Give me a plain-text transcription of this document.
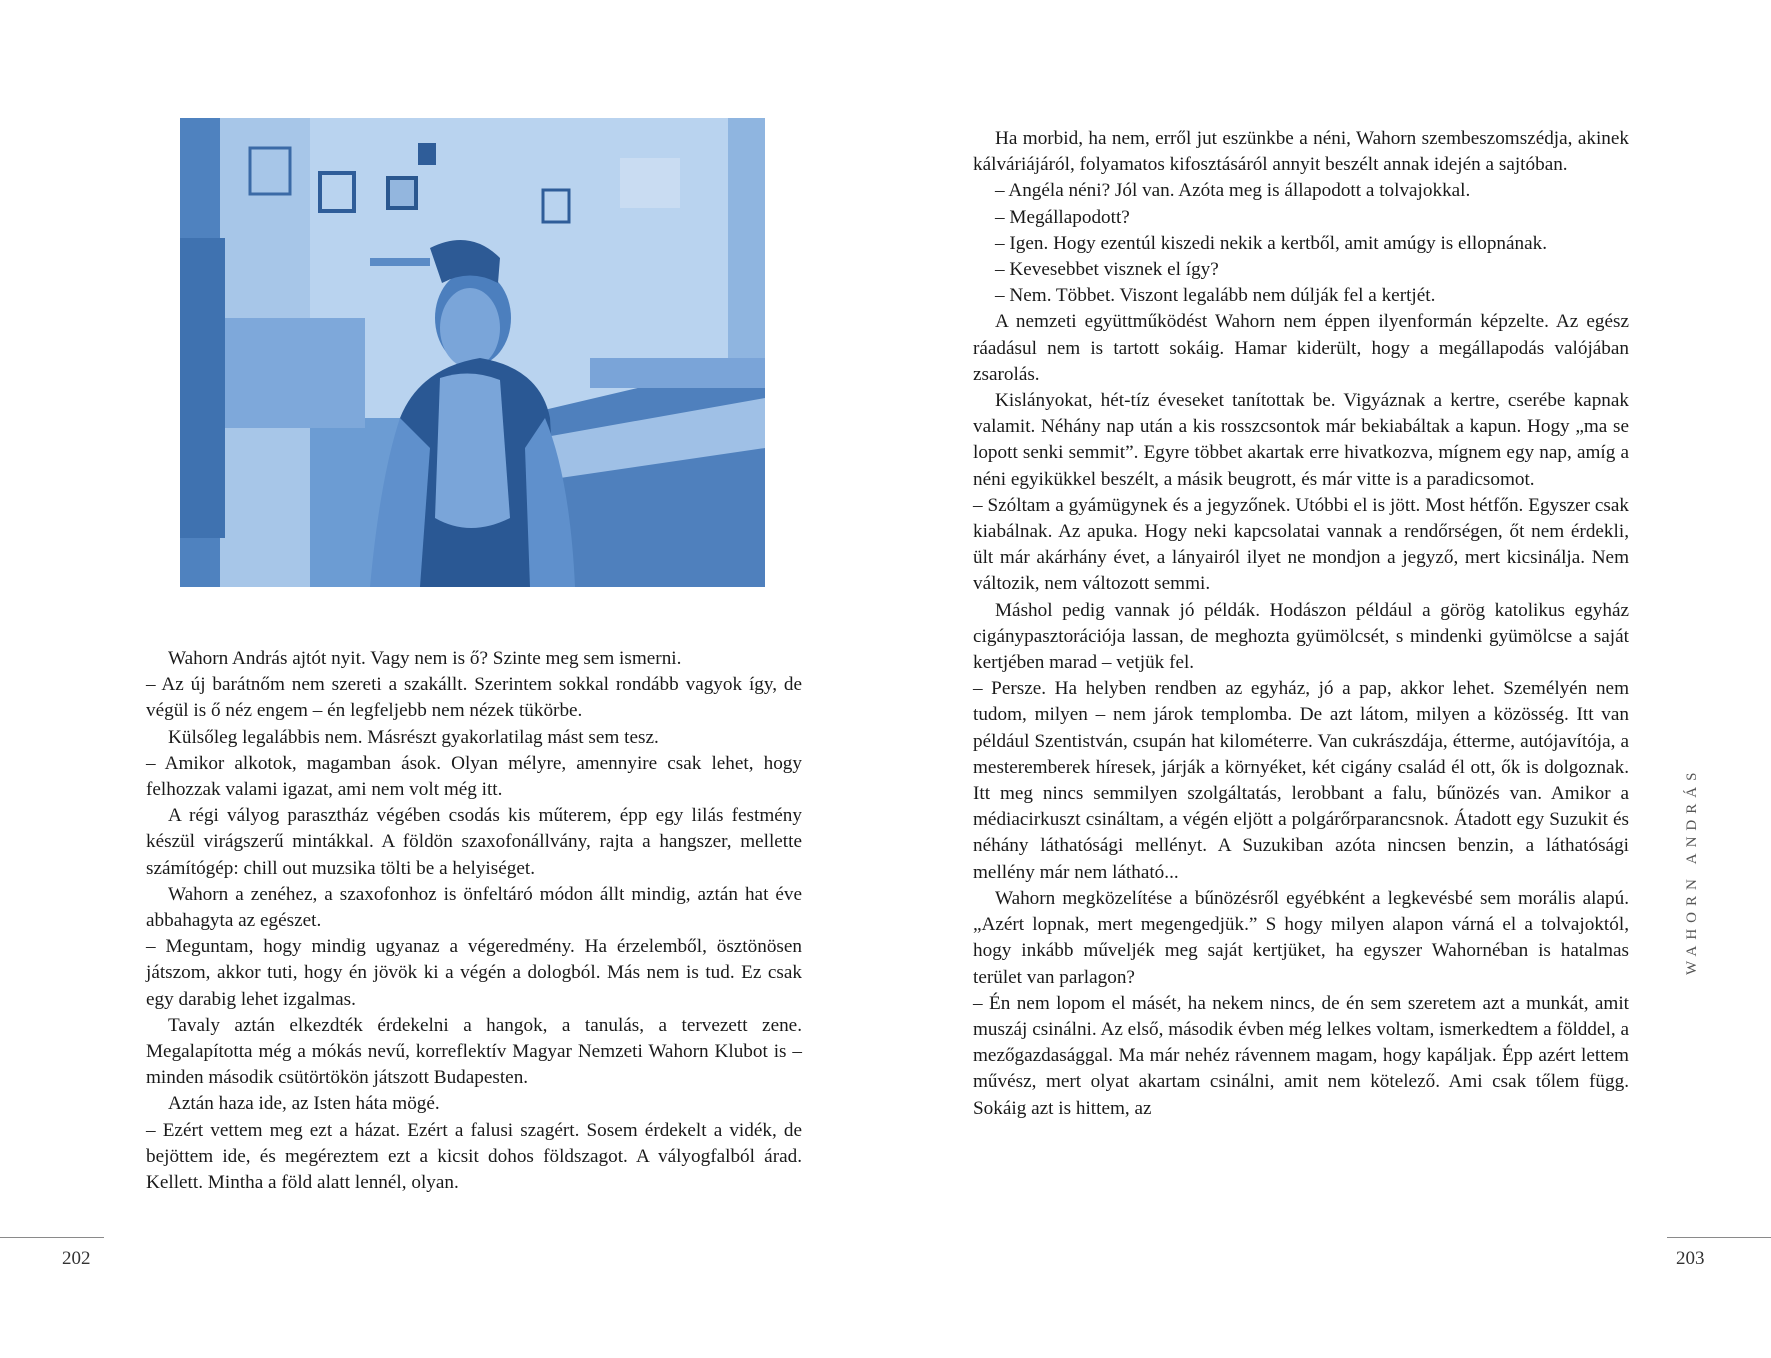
Wahorn András ajtót nyit. Vagy nem is ő? Szinte meg sem ismerni.

– Az új barátnőm nem szereti a szakállt. Szerintem sokkal rondább vagyok így, de végül is ő néz engem – én legfeljebb nem nézek tükörbe.

Külsőleg legalábbis nem. Másrészt gyakorlatilag mást sem tesz.

– Amikor alkotok, magamban ások. Olyan mélyre, amennyire csak lehet, hogy felhozzak valami igazat, ami nem volt még itt.

A régi vályog parasztház végében csodás kis műterem, épp egy lilás festmény készül virágszerű mintákkal. A földön szaxofonállvány, rajta a hangszer, mellette számítógép: chill out muzsika tölti be a helyiséget.

Wahorn a zenéhez, a szaxofonhoz is önfeltáró módon állt mindig, aztán hat éve abbahagyta az egészet.

– Meguntam, hogy mindig ugyanaz a végeredmény. Ha érzelemből, ösztönösen játszom, akkor tuti, hogy én jövök ki a végén a dologból. Más nem is tud. Ez csak egy darabig lehet izgalmas.

Tavaly aztán elkezdték érdekelni a hangok, a tanulás, a tervezett zene. Megalapította még a mókás nevű, korreflektív Magyar Nemzeti Wahorn Klubot is – minden második csütörtökön játszott Budapesten.

Aztán haza ide, az Isten háta mögé.

– Ezért vettem meg ezt a házat. Ezért a falusi szagért. Sosem érdekelt a vidék, de bejöttem ide, és megéreztem ezt a kicsit dohos földszagot. A vályogfalból árad. Kellett. Mintha a föld alatt lennél, olyan.

Ha morbid, ha nem, erről jut eszünkbe a néni, Wahorn szembeszomszédja, akinek kálváriájáról, folyamatos kifosztásáról annyit beszélt annak idején a sajtóban.

– Angéla néni? Jól van. Azóta meg is állapodott a tolvajokkal.

– Megállapodott?

– Igen. Hogy ezentúl kiszedi nekik a kertből, amit amúgy is ellopnának.

– Kevesebbet visznek el így?

– Nem. Többet. Viszont legalább nem dúlják fel a kertjét.

A nemzeti együttműködést Wahorn nem éppen ilyenformán képzelte. Az egész ráadásul nem is tartott sokáig. Hamar kiderült, hogy a megállapodás valójában zsarolás.

Kislányokat, hét-tíz éveseket tanítottak be. Vigyáznak a kertre, cserébe kapnak valamit. Néhány nap után a kis rosszcsontok már bekiabáltak a kapun. Hogy „ma se lopott senki semmit”. Egyre többet akartak erre hivatkozva, mígnem egy nap, amíg a néni egyikükkel beszélt, a másik beugrott, és már vitte is a paradicsomot.

– Szóltam a gyámügynek és a jegyzőnek. Utóbbi el is jött. Most hétfőn. Egyszer csak kiabálnak. Az apuka. Hogy neki kapcsolatai vannak a rendőrségen, őt nem érdekli, ült már akárhány évet, a lányairól ilyet ne mondjon a jegyző, mert kicsinálja. Nem változik, nem változott semmi.

Máshol pedig vannak jó példák. Hodászon például a görög katolikus egyház cigánypasztorációja lassan, de meghozta gyümölcsét, s mindenki gyümölcse a saját kertjében marad – vetjük fel.

– Persze. Ha helyben rendben az egyház, jó a pap, akkor lehet. Személyén nem tudom, milyen – nem járok templomba. De azt látom, milyen a közösség. Itt van például Szentistván, csupán hat kilométerre. Van cukrászdája, étterme, autójavítója, a mesteremberek híresek, járják a környéket, két cigány család él ott, ők is dolgoznak. Itt meg nincs semmilyen szolgáltatás, lerobbant a falu, bűnözés van. Amikor a médiacirkuszt csináltam, a végén eljött a polgárőrparancsnok. Átadott egy Suzukit és néhány láthatósági mellényt. A Suzukiban azóta nincsen benzin, a láthatósági mellény már nem látható...

Wahorn megközelítése a bűnözésről egyébként a legkevésbé sem morális alapú. „Azért lopnak, mert megengedjük.” S hogy milyen alapon várná el a tolvajoktól, hogy inkább műveljék meg saját kertjüket, ha egyszer Wahornéban is hatalmas terület van parlagon?

– Én nem lopom el másét, ha nekem nincs, de én sem szeretem azt a munkát, amit muszáj csinálni. Az első, második évben még lelkes voltam, ismerkedtem a földdel, a mezőgazdasággal. Ma már nehéz rávennem magam, hogy kapáljak. Épp azért lettem művész, mert olyat akartam csinálni, amit nem kötelező. Ami csak tőlem függ. Sokáig azt is hittem, az

202	203
WAHORN ANDRÁS
